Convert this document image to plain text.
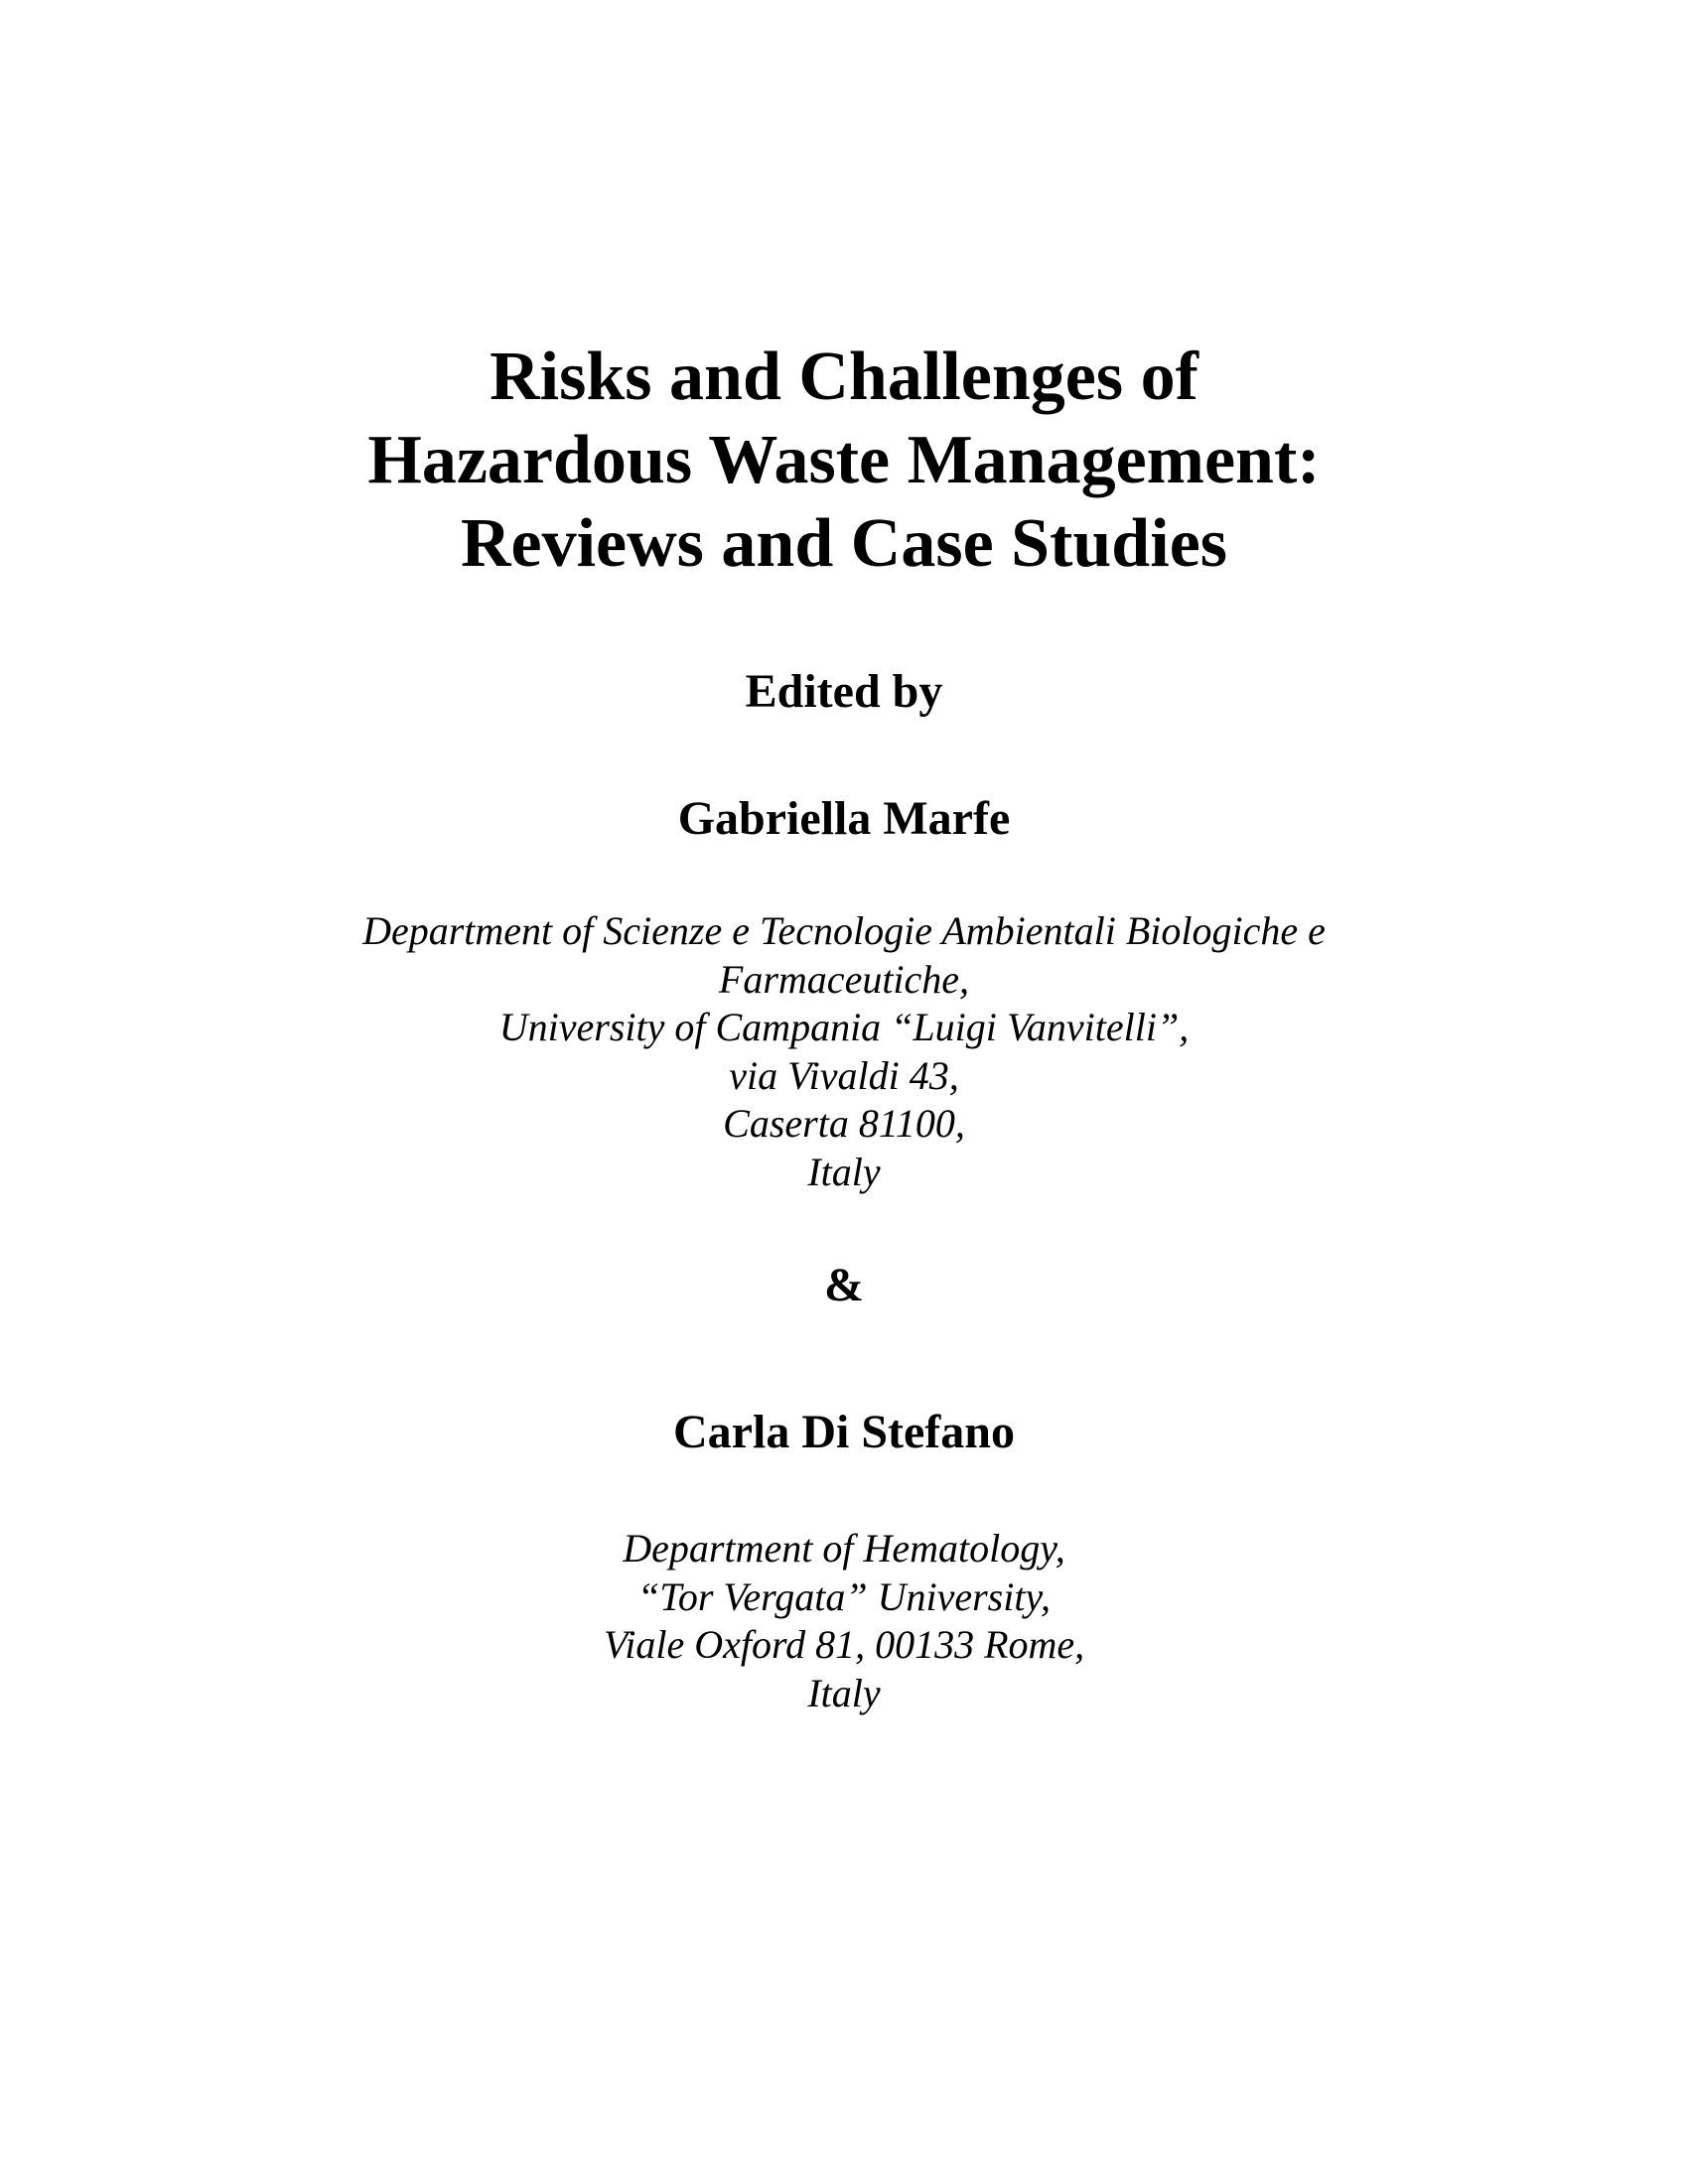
Risks and Challenges of
Hazardous Waste Management:
Reviews and Case Studies
Edited by
Gabriella Marfe
Department of Scienze e Tecnologie Ambientali Biologiche e
Farmaceutiche,
University of Campania “Luigi Vanvitelli”,
via Vivaldi 43,
Caserta 81100,
Italy
&
Carla Di Stefano
Department of Hematology,
“Tor Vergata” University,
Viale Oxford 81, 00133 Rome,
Italy
